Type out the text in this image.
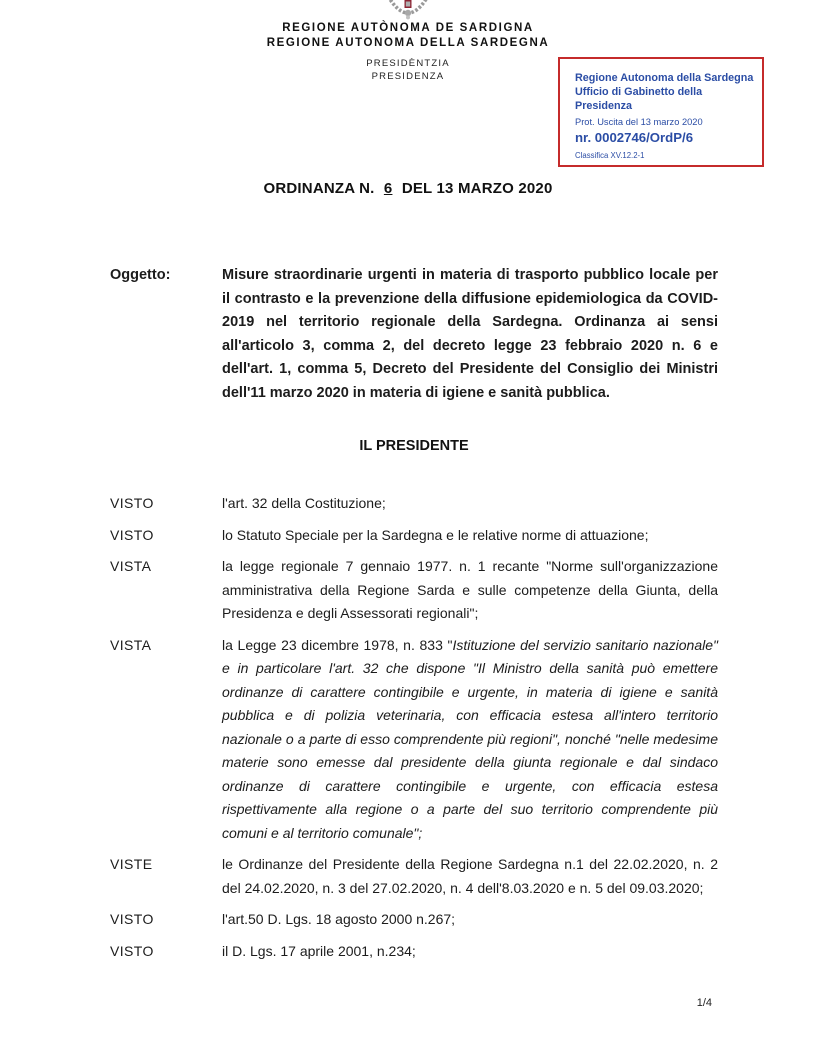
REGIONE AUTÒNOMA DE SARDIGNA
REGIONE AUTONOMA DELLA SARDEGNA
PRESIDÈNTZIA
PRESIDENZA	Regione Autonoma della Sardegna
Ufficio di Gabinetto della Presidenza
Prot. Uscita del 13 marzo 2020
nr. 0002746/OrdP/6
Classifica XV.12.2-1
ORDINANZA N. 6 DEL 13 MARZO 2020
Oggetto:	Misure straordinarie urgenti in materia di trasporto pubblico locale per il contrasto e la prevenzione della diffusione epidemiologica da COVID-2019 nel territorio regionale della Sardegna. Ordinanza ai sensi all'articolo 3, comma 2, del decreto legge 23 febbraio 2020 n. 6 e dell'art. 1, comma 5, Decreto del Presidente del Consiglio dei Ministri dell'11 marzo 2020 in materia di igiene e sanità pubblica.
IL PRESIDENTE
VISTO	l'art. 32 della Costituzione;
VISTO	lo Statuto Speciale per la Sardegna e le relative norme di attuazione;
VISTA	la legge regionale 7 gennaio 1977. n. 1 recante "Norme sull'organizzazione amministrativa della Regione Sarda e sulle competenze della Giunta, della Presidenza e degli Assessorati regionali";
VISTA	la Legge 23 dicembre 1978, n. 833 "Istituzione del servizio sanitario nazionale" e in particolare l'art. 32 che dispone "Il Ministro della sanità può emettere ordinanze di carattere contingibile e urgente, in materia di igiene e sanità pubblica e di polizia veterinaria, con efficacia estesa all'intero territorio nazionale o a parte di esso comprendente più regioni", nonché "nelle medesime materie sono emesse dal presidente della giunta regionale e dal sindaco ordinanze di carattere contingibile e urgente, con efficacia estesa rispettivamente alla regione o a parte del suo territorio comprendente più comuni e al territorio comunale";
VISTE	le Ordinanze del Presidente della Regione Sardegna n.1 del 22.02.2020, n. 2 del 24.02.2020, n. 3 del 27.02.2020, n. 4 dell'8.03.2020 e n. 5 del 09.03.2020;
VISTO	l'art.50 D. Lgs. 18 agosto 2000 n.267;
VISTO	il D. Lgs. 17 aprile 2001, n.234;
1/4
